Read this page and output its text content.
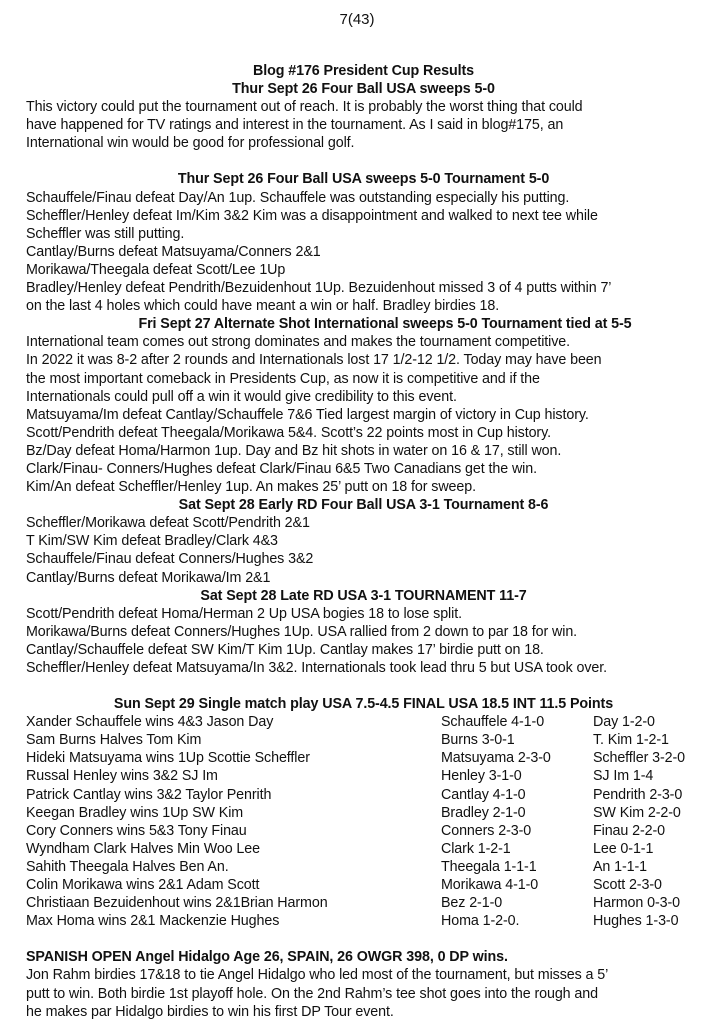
7(43)
Blog #176 President Cup Results
Thur Sept 26 Four Ball USA sweeps 5-0
This victory could put the tournament out of reach. It is probably the worst thing that could
have happened for TV ratings and interest in the tournament. As I said in blog#175, an
International win would be good for professional golf.
Thur Sept 26 Four Ball USA sweeps 5-0 Tournament 5-0
Schauffele/Finau defeat Day/An 1up. Schauffele was outstanding especially his putting.
Scheffler/Henley defeat Im/Kim 3&2 Kim was a disappointment and walked to next tee while
Scheffler was still putting.
Cantlay/Burns defeat Matsuyama/Conners 2&1
Morikawa/Theegala defeat Scott/Lee 1Up
Bradley/Henley defeat Pendrith/Bezuidenhout 1Up. Bezuidenhout missed 3 of 4 putts within 7’
on the last 4 holes which could have meant a win or half. Bradley birdies 18.
Fri Sept 27 Alternate Shot International sweeps 5-0 Tournament tied at 5-5
International team comes out strong dominates and makes the tournament competitive.
In 2022 it was 8-2 after 2 rounds and Internationals lost 17 1/2-12 1/2. Today may have been
the most important comeback in Presidents Cup, as now it is competitive and if the
Internationals could pull off a win it would give credibility to this event.
Matsuyama/Im defeat Cantlay/Schauffele 7&6 Tied largest margin of victory in Cup history.
Scott/Pendrith defeat Theegala/Morikawa 5&4. Scott’s 22 points most in Cup history.
Bz/Day defeat Homa/Harmon 1up. Day and Bz hit shots in water on 16 & 17, still won.
Clark/Finau- Conners/Hughes defeat Clark/Finau 6&5 Two Canadians get the win.
Kim/An defeat Scheffler/Henley 1up. An makes 25’ putt on 18 for sweep.
Sat Sept 28 Early RD Four Ball USA 3-1 Tournament 8-6
Scheffler/Morikawa defeat Scott/Pendrith 2&1
T Kim/SW Kim defeat Bradley/Clark 4&3
Schauffele/Finau defeat Conners/Hughes 3&2
Cantlay/Burns defeat Morikawa/Im 2&1
Sat Sept 28 Late RD USA 3-1 TOURNAMENT 11-7
Scott/Pendrith defeat Homa/Herman 2 Up USA bogies 18 to lose split.
Morikawa/Burns defeat Conners/Hughes 1Up. USA rallied from 2 down to par 18 for win.
Cantlay/Schauffele defeat SW Kim/T Kim 1Up. Cantlay makes 17’ birdie putt on 18.
Scheffler/Henley defeat Matsuyama/In 3&2. Internationals took lead thru 5 but USA took over.
Sun Sept 29 Single match play USA 7.5-4.5 FINAL USA 18.5 INT 11.5 Points
Xander Schauffele wins 4&3 Jason Day	Schauffele 4-1-0	Day 1-2-0
Sam Burns Halves Tom Kim	Burns 3-0-1	T. Kim 1-2-1
Hideki Matsuyama wins 1Up Scottie Scheffler	Matsuyama 2-3-0	Scheffler 3-2-0
Russal Henley wins 3&2 SJ Im	Henley 3-1-0	SJ Im 1-4
Patrick Cantlay wins 3&2 Taylor Penrith	Cantlay 4-1-0	Pendrith 2-3-0
Keegan Bradley wins 1Up SW Kim	Bradley 2-1-0	SW Kim 2-2-0
Cory Conners wins 5&3 Tony Finau	Conners 2-3-0	Finau 2-2-0
Wyndham Clark Halves Min Woo Lee	Clark 1-2-1	Lee 0-1-1
Sahith Theegala Halves Ben An.	Theegala 1-1-1	An 1-1-1
Colin Morikawa wins 2&1 Adam Scott	Morikawa 4-1-0	Scott 2-3-0
Christiaan Bezuidenhout wins 2&1Brian Harmon	Bez 2-1-0	Harmon 0-3-0
Max Homa wins 2&1 Mackenzie Hughes	Homa 1-2-0.	Hughes 1-3-0
SPANISH OPEN Angel Hidalgo Age 26, SPAIN, 26 OWGR 398, 0 DP wins.
Jon Rahm birdies 17&18 to tie Angel Hidalgo who led most of the tournament, but misses a 5’
putt to win. Both birdie 1st playoff hole. On the 2nd Rahm’s tee shot goes into the rough and
he makes par Hidalgo birdies to win his first DP Tour event.
